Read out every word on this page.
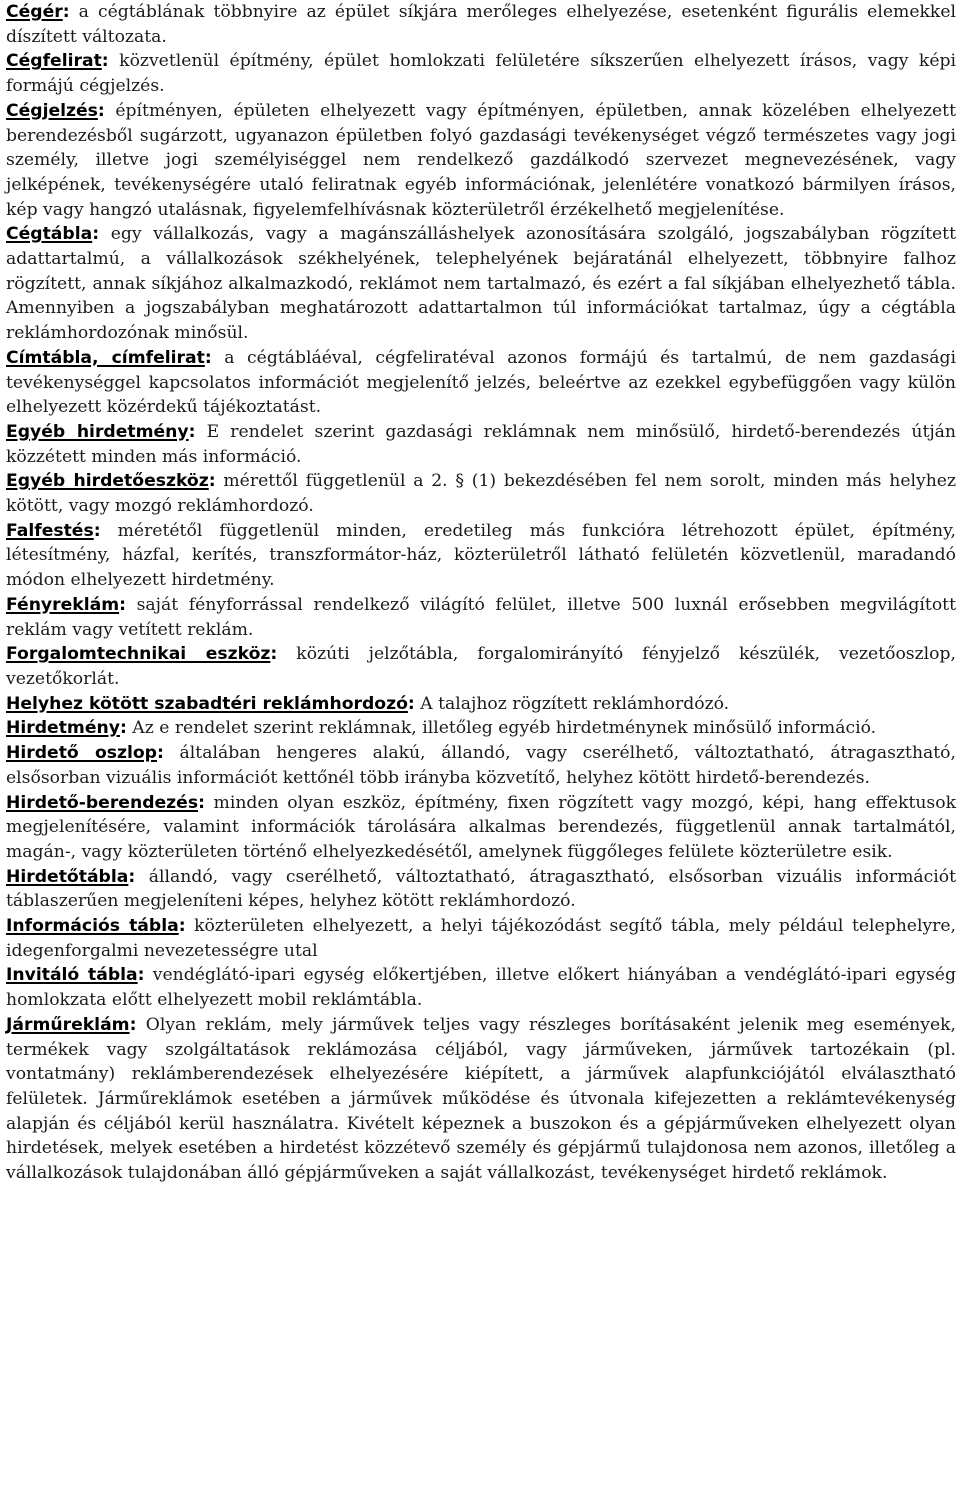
Cégér: a cégtáblának többnyire az épület síkjára merőleges elhelyezése, esetenként figurális elemekkel díszített változata.

Cégfelirat: közvetlenül építmény, épület homlokzati felületére síkszerűen elhelyezett írásos, vagy képi formájú cégjelzés.

Cégjelzés: építményen, épületen elhelyezett vagy építményen, épületben, annak közelében elhelyezett berendezésből sugárzott, ugyanazon épületben folyó gazdasági tevékenységet végző természetes vagy jogi személy, illetve jogi személyiséggel nem rendelkező gazdálkodó szervezet megnevezésének, vagy jelképének, tevékenységére utaló feliratnak egyéb információnak, jelenlétére vonatkozó bármilyen írásos, kép vagy hangzó utalásnak, figyelemfelhívásnak közterületről érzékelhető megjelenítése.

Cégtábla: egy vállalkozás, vagy a magánszálláshelyek azonosítására szolgáló, jogszabályban rögzített adattartalmú, a vállalkozások székhelyének, telephelyének bejáratánál elhelyezett, többnyire falhoz rögzített, annak síkjához alkalmazkodó, reklámot nem tartalmazó, és ezért a fal síkjában elhelyezhető tábla. Amennyiben a jogszabályban meghatározott adattartalmon túl információkat tartalmaz, úgy a cégtábla reklámhordozónak minősül.

Címtábla, címfelirat: a cégtábláéval, cégfeliratéval azonos formájú és tartalmú, de nem gazdasági tevékenységgel kapcsolatos információt megjelenítő jelzés, beleértve az ezekkel egybefüggően vagy külön elhelyezett közérdekű tájékoztatást.

Egyéb hirdetmény: E rendelet szerint gazdasági reklámnak nem minősülő, hirdető-berendezés útján közzétett minden más információ.

Egyéb hirdetőeszköz: mérettől függetlenül a 2. § (1) bekezdésében fel nem sorolt, minden más helyhez kötött, vagy mozgó reklámhordozó.

Falfestés: méretétől függetlenül minden, eredetileg más funkcióra létrehozott épület, építmény, létesítmény, házfal, kerítés, transzformátor-ház, közterületről látható felületén közvetlenül, maradandó módon elhelyezett hirdetmény.

Fényreklám: saját fényforrással rendelkező világító felület, illetve 500 luxnál erősebben megvilágított reklám vagy vetített reklám.

Forgalomtechnikai eszköz: közúti jelzőtábla, forgalomirányító fényjelző készülék, vezetőoszlop, vezetőkorlát.

Helyhez kötött szabadtéri reklámhordozó: A talajhoz rögzített reklámhordózó.

Hirdetmény: Az e rendelet szerint reklámnak, illetőleg egyéb hirdetménynek minősülő információ.

Hirdető oszlop: általában hengeres alakú, állandó, vagy cserélhető, változtatható, átragasztható, elsősorban vizuális információt kettőnél több irányba közvetítő, helyhez kötött hirdető-berendezés.

Hirdető-berendezés: minden olyan eszköz, építmény, fixen rögzített vagy mozgó, képi, hang effektusok megjelenítésére, valamint információk tárolására alkalmas berendezés, függetlenül annak tartalmától, magán-, vagy közterületen történő elhelyezkedésétől, amelynek függőleges felülete közterületre esik.

Hirdetőtábla: állandó, vagy cserélhető, változtatható, átragasztható, elsősorban vizuális információt táblaszerűen megjeleníteni képes, helyhez kötött reklámhordozó.

Információs tábla: közterületen elhelyezett, a helyi tájékozódást segítő tábla, mely például telephelyre, idegenforgalmi nevezetességre utal

Invitáló tábla: vendéglátó-ipari egység előkertjében, illetve előkert hiányában a vendéglátó-ipari egység homlokzata előtt elhelyezett mobil reklámtábla.

Járműreklám: Olyan reklám, mely járművek teljes vagy részleges borításaként jelenik meg események, termékek vagy szolgáltatások reklámozása céljából, vagy járműveken, járművek tartozékain (pl. vontatmány) reklámberendezések elhelyezésére kiépített, a járművek alapfunkciójától elválasztható felületek. Járműreklámok esetében a járművek működése és útvonala kifejezetten a reklámtevékenység alapján és céljából kerül használatra. Kivételt képeznek a buszokon és a gépjárműveken elhelyezett olyan hirdetések, melyek esetében a hirdetést közzétevő személy és gépjármű tulajdonosa nem azonos, illetőleg a vállalkozások tulajdonában álló gépjárműveken a saját vállalkozást, tevékenységet hirdető reklámok.
